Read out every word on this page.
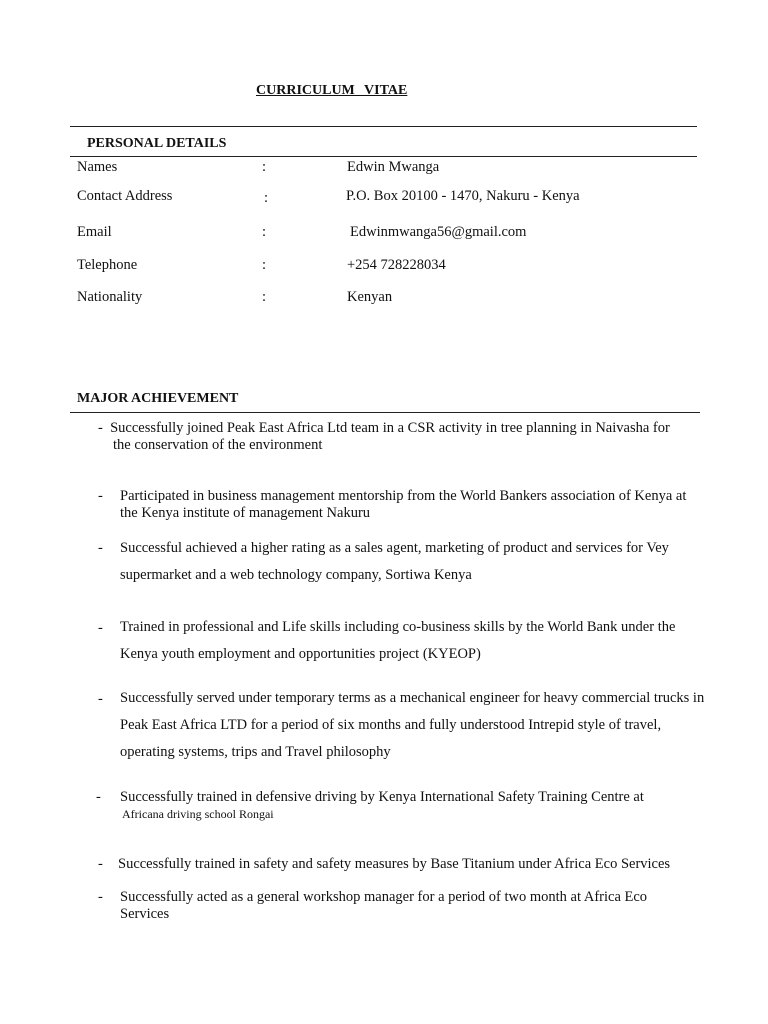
CURRICULUM VITAE
PERSONAL DETAILS
Names	:	Edwin Mwanga
Contact Address	:	P.O. Box 20100 - 1470, Nakuru - Kenya
Email	:	Edwinmwanga56@gmail.com
Telephone	:	+254 728228034
Nationality	:	Kenyan
MAJOR ACHIEVEMENT
- Successfully joined Peak East Africa Ltd team in a CSR activity in tree planning in Naivasha for
the conservation of the environment
- Participated in business management mentorship from the World Bankers association of Kenya at the Kenya institute of management Nakuru
- Successful achieved a higher rating as a sales agent, marketing of product and services for Vey supermarket and a web technology company, Sortiwa Kenya
- Trained in professional and Life skills including co-business skills by the World Bank under the Kenya youth employment and opportunities project (KYEOP)
- Successfully served under temporary terms as a mechanical engineer for heavy commercial trucks in Peak East Africa LTD for a period of six months and fully understood Intrepid style of travel, operating systems, trips and Travel philosophy
- Successfully trained in defensive driving by Kenya International Safety Training Centre at
Africana driving school Rongai
- Successfully trained in safety and safety measures by Base Titanium under Africa Eco Services
- Successfully acted as a general workshop manager for a period of two month at Africa Eco Services
